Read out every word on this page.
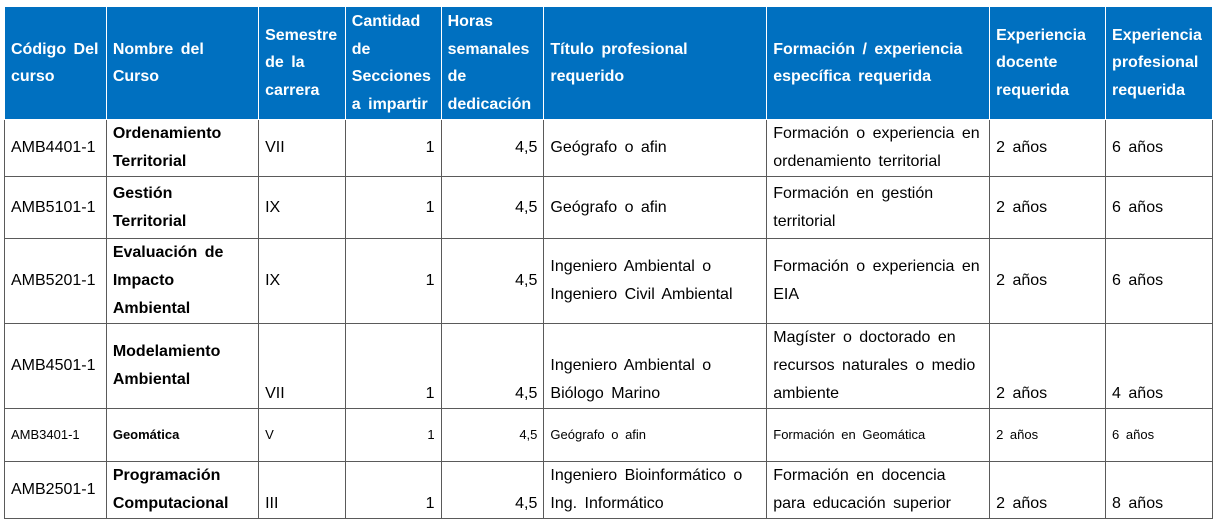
Código Del curso	Nombre del Curso	Semestre de la carrera	Cantidad de Secciones a impartir	Horas semanales de dedicación	Título profesional requerido	Formación / experiencia específica requerida	Experiencia docente requerida	Experiencia profesional requerida
AMB4401-1	Ordenamiento Territorial	VII	1	4,5	Geógrafo o afin	Formación o experiencia en ordenamiento territorial	2 años	6 años
AMB5101-1	Gestión Territorial	IX	1	4,5	Geógrafo o afin	Formación en gestión territorial	2 años	6 años
AMB5201-1	Evaluación de Impacto Ambiental	IX	1	4,5	Ingeniero Ambiental o Ingeniero Civil Ambiental	Formación o experiencia en EIA	2 años	6 años
AMB4501-1	Modelamiento Ambiental	VII	1	4,5	Ingeniero Ambiental o Biólogo Marino	Magíster o doctorado en recursos naturales o medio ambiente	2 años	4 años
AMB3401-1	Geomática	V	1	4,5	Geógrafo o afin	Formación en Geomática	2 años	6 años
AMB2501-1	Programación Computacional	III	1	4,5	Ingeniero Bioinformático o Ing. Informático	Formación en docencia para educación superior	2 años	8 años
